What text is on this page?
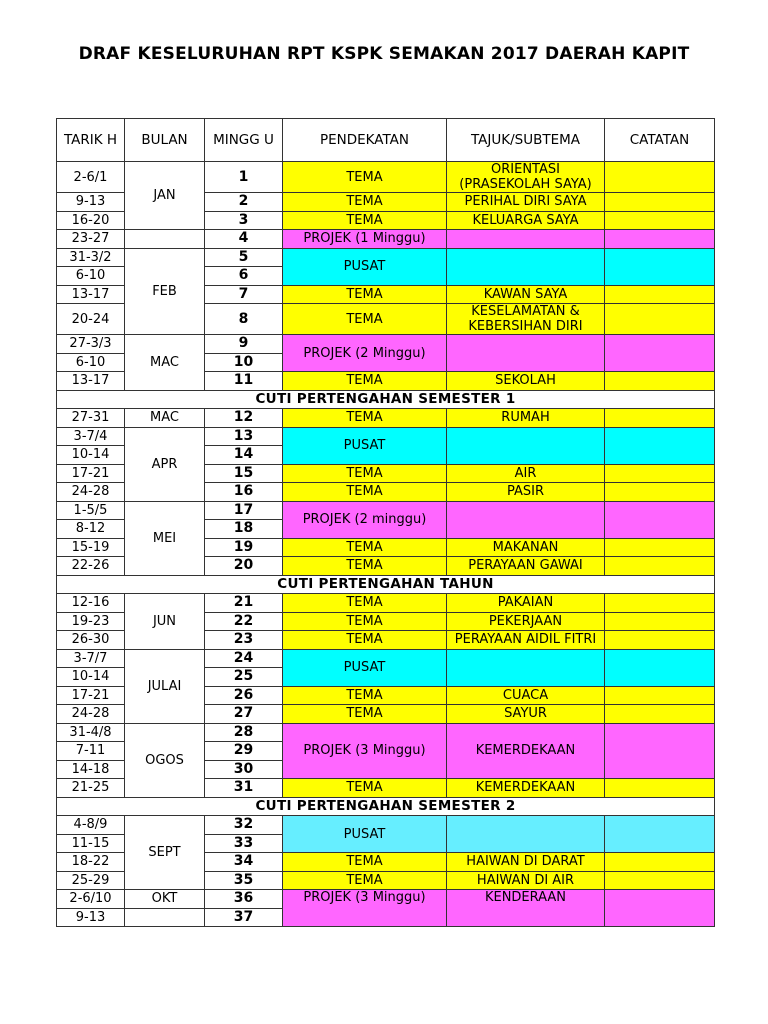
DRAF KESELURUHAN RPT KSPK SEMAKAN 2017 DAERAH KAPIT
TARIK H	BULAN	MINGG U	PENDEKATAN	TAJUK/SUBTEMA	CATATAN
2-6/1	JAN	1	TEMA	ORIENTASI (PRASEKOLAH SAYA)	
9-13		2	TEMA	PERIHAL DIRI SAYA	
16-20		3	TEMA	KELUARGA SAYA	
23-27		4	PROJEK (1 Minggu)		
31-3/2	FEB	5	PUSAT		
6-10		6			
13-17		7	TEMA	KAWAN SAYA	
20-24		8	TEMA	KESELAMATAN & KEBERSIHAN DIRI	
27-3/3	MAC	9	PROJEK (2 Minggu)		
6-10		10			
13-17		11	TEMA	SEKOLAH	
CUTI PERTENGAHAN SEMESTER 1					
27-31	MAC	12	TEMA	RUMAH	
3-7/4	APR	13	PUSAT		
10-14		14			
17-21		15	TEMA	AIR	
24-28		16	TEMA	PASIR	
1-5/5	MEI	17	PROJEK (2 minggu)		
8-12		18			
15-19		19	TEMA	MAKANAN	
22-26		20	TEMA	PERAYAAN GAWAI	
CUTI PERTENGAHAN TAHUN					
12-16	JUN	21	TEMA	PAKAIAN	
19-23		22	TEMA	PEKERJAAN	
26-30		23	TEMA	PERAYAAN AIDIL FITRI	
3-7/7	JULAI	24	PUSAT		
10-14		25			
17-21		26	TEMA	CUACA	
24-28		27	TEMA	SAYUR	
31-4/8	OGOS	28	PROJEK (3 Minggu)	KEMERDEKAAN	
7-11		29			
14-18		30			
21-25		31	TEMA	KEMERDEKAAN	
CUTI PERTENGAHAN SEMESTER 2					
4-8/9	SEPT	32	PUSAT		
11-15		33			
18-22		34	TEMA	HAIWAN DI DARAT	
25-29		35	TEMA	HAIWAN DI AIR	
2-6/10	OKT	36	PROJEK (3 Minggu)	KENDERAAN	
9-13		37			
